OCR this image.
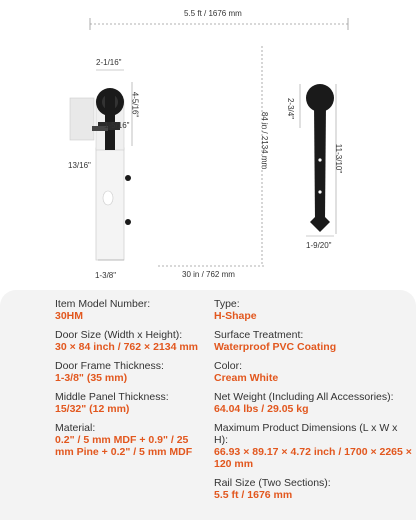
5.5 ft / 1676 mm
2-1/16"
4-5/16"
1-5/16"
13/16"
1-3/8"
84 in / 2134 mm
30 in / 762 mm
2-3/4"
11-3/10"
1-9/20"
Item Model Number:
30HM
Door Size (Width x Height):
30 × 84 inch / 762 × 2134 mm
Door Frame Thickness:
1-3/8" (35 mm)
Middle Panel Thickness:
15/32" (12 mm)
Material:
0.2" / 5 mm MDF + 0.9" / 25 mm Pine + 0.2" / 5 mm MDF
Type:
H-Shape
Surface Treatment:
Waterproof PVC Coating
Color:
Cream White
Net Weight (Including All Accessories):
64.04 lbs / 29.05 kg
Maximum Product Dimensions (L x W x H):
66.93 × 89.17 × 4.72 inch / 1700 × 2265 × 120 mm
Rail Size (Two Sections):
5.5 ft / 1676 mm
